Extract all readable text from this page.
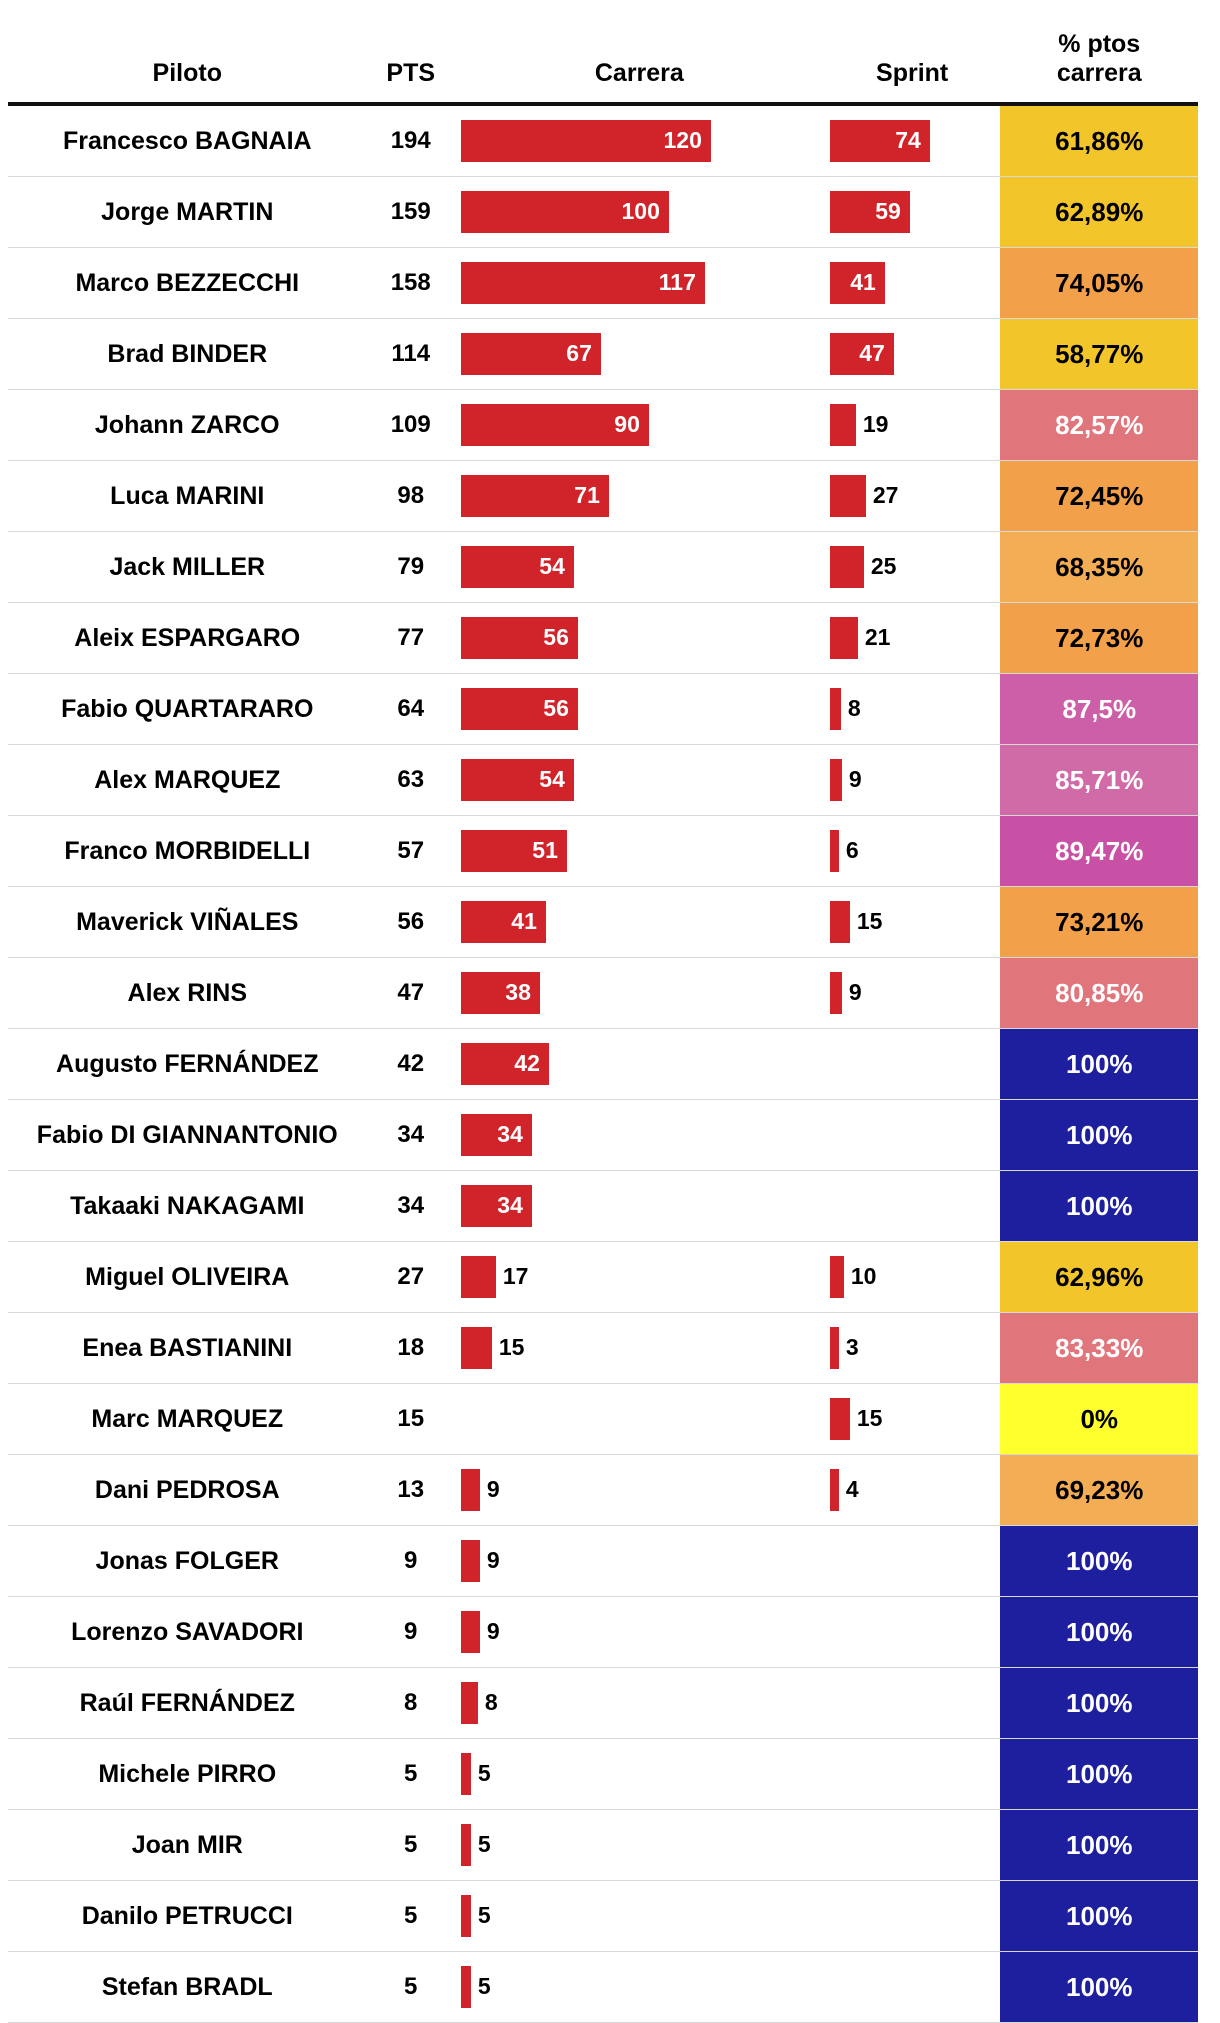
Piloto	PTS	Carrera	Sprint	% ptos
carrera
Francesco BAGNAIA	194	120	74	61,86%

Jorge MARTIN	159	100	59	62,89%

Marco BEZZECCHI	158	117	41	74,05%

Brad BINDER	114	67	47	58,77%

Johann ZARCO	109	90	19	82,57%

Luca MARINI	98	71	27	72,45%

Jack MILLER	79	54	25	68,35%

Aleix ESPARGARO	77	56	21	72,73%

Fabio QUARTARARO	64	56	8	87,5%

Alex MARQUEZ	63	54	9	85,71%

Franco MORBIDELLI	57	51	6	89,47%

Maverick VIÑALES	56	41	15	73,21%

Alex RINS	47	38	9	80,85%

Augusto FERNÁNDEZ	42	42		100%

Fabio DI GIANNANTONIO	34	34		100%

Takaaki NAKAGAMI	34	34		100%

Miguel OLIVEIRA	27	17	10	62,96%

Enea BASTIANINI	18	15	3	83,33%

Marc MARQUEZ	15		15	0%

Dani PEDROSA	13	9	4	69,23%

Jonas FOLGER	9	9		100%

Lorenzo SAVADORI	9	9		100%

Raúl FERNÁNDEZ	8	8		100%

Michele PIRRO	5	5		100%

Joan MIR	5	5		100%

Danilo PETRUCCI	5	5		100%

Stefan BRADL	5	5		100%
